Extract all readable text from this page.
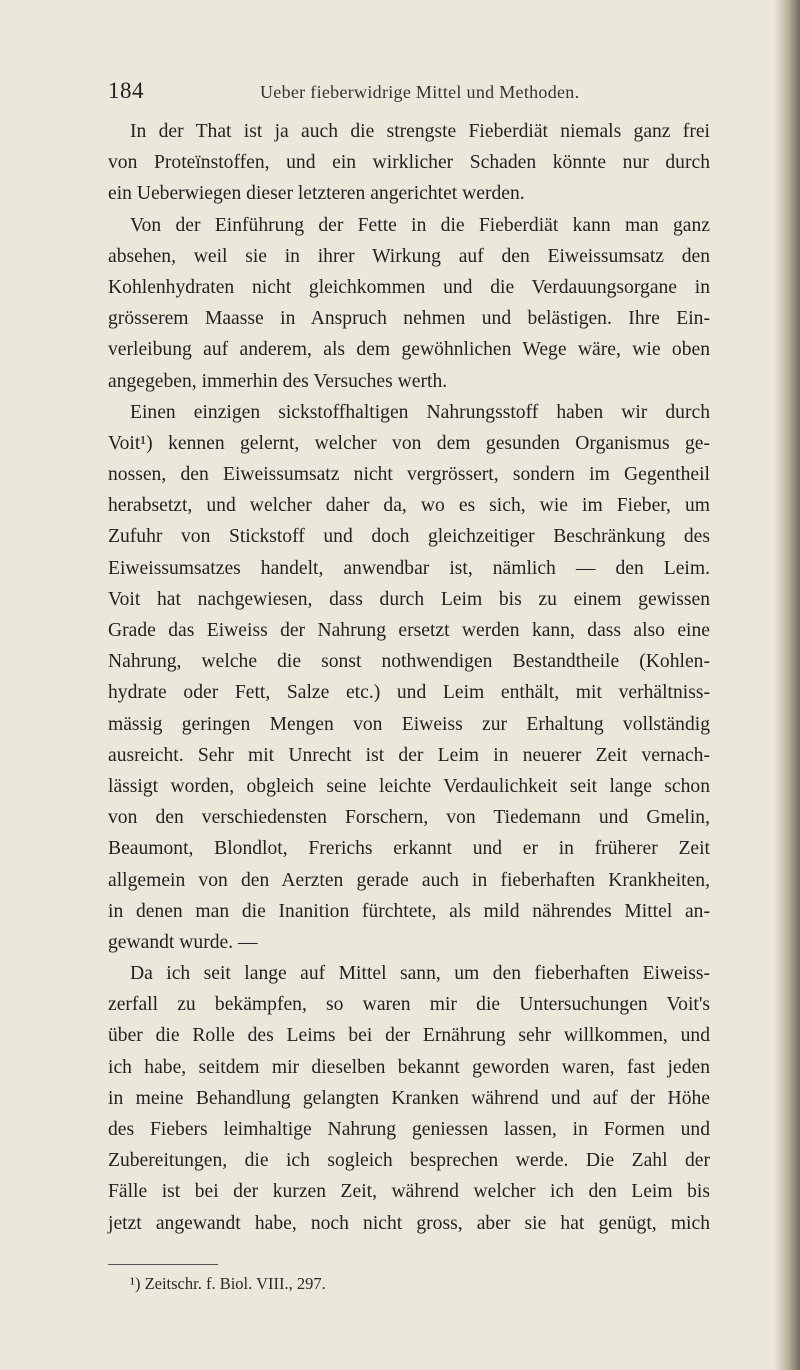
184	Ueber fieberwidrige Mittel und Methoden.
In der That ist ja auch die strengste Fieberdiät niemals ganz frei
von Proteïnstoffen, und ein wirklicher Schaden könnte nur durch
ein Ueberwiegen dieser letzteren angerichtet werden.
Von der Einführung der Fette in die Fieberdiät kann man ganz
absehen, weil sie in ihrer Wirkung auf den Eiweissumsatz den
Kohlenhydraten nicht gleichkommen und die Verdauungsorgane in
grösserem Maasse in Anspruch nehmen und belästigen. Ihre Ein-
verleibung auf anderem, als dem gewöhnlichen Wege wäre, wie oben
angegeben, immerhin des Versuches werth.
Einen einzigen sickstoffhaltigen Nahrungsstoff haben wir durch
Voit¹) kennen gelernt, welcher von dem gesunden Organismus ge-
nossen, den Eiweissumsatz nicht vergrössert, sondern im Gegentheil
herabsetzt, und welcher daher da, wo es sich, wie im Fieber, um
Zufuhr von Stickstoff und doch gleichzeitiger Beschränkung des
Eiweissumsatzes handelt, anwendbar ist, nämlich — den Leim.
Voit hat nachgewiesen, dass durch Leim bis zu einem gewissen
Grade das Eiweiss der Nahrung ersetzt werden kann, dass also eine
Nahrung, welche die sonst nothwendigen Bestandtheile (Kohlen-
hydrate oder Fett, Salze etc.) und Leim enthält, mit verhältniss-
mässig geringen Mengen von Eiweiss zur Erhaltung vollständig
ausreicht. Sehr mit Unrecht ist der Leim in neuerer Zeit vernach-
lässigt worden, obgleich seine leichte Verdaulichkeit seit lange schon
von den verschiedensten Forschern, von Tiedemann und Gmelin,
Beaumont, Blondlot, Frerichs erkannt und er in früherer Zeit
allgemein von den Aerzten gerade auch in fieberhaften Krankheiten,
in denen man die Inanition fürchtete, als mild nährendes Mittel an-
gewandt wurde. —
Da ich seit lange auf Mittel sann, um den fieberhaften Eiweiss-
zerfall zu bekämpfen, so waren mir die Untersuchungen Voit's
über die Rolle des Leims bei der Ernährung sehr willkommen, und
ich habe, seitdem mir dieselben bekannt geworden waren, fast jeden
in meine Behandlung gelangten Kranken während und auf der Höhe
des Fiebers leimhaltige Nahrung geniessen lassen, in Formen und
Zubereitungen, die ich sogleich besprechen werde. Die Zahl der
Fälle ist bei der kurzen Zeit, während welcher ich den Leim bis
jetzt angewandt habe, noch nicht gross, aber sie hat genügt, mich
¹) Zeitschr. f. Biol. VIII., 297.
